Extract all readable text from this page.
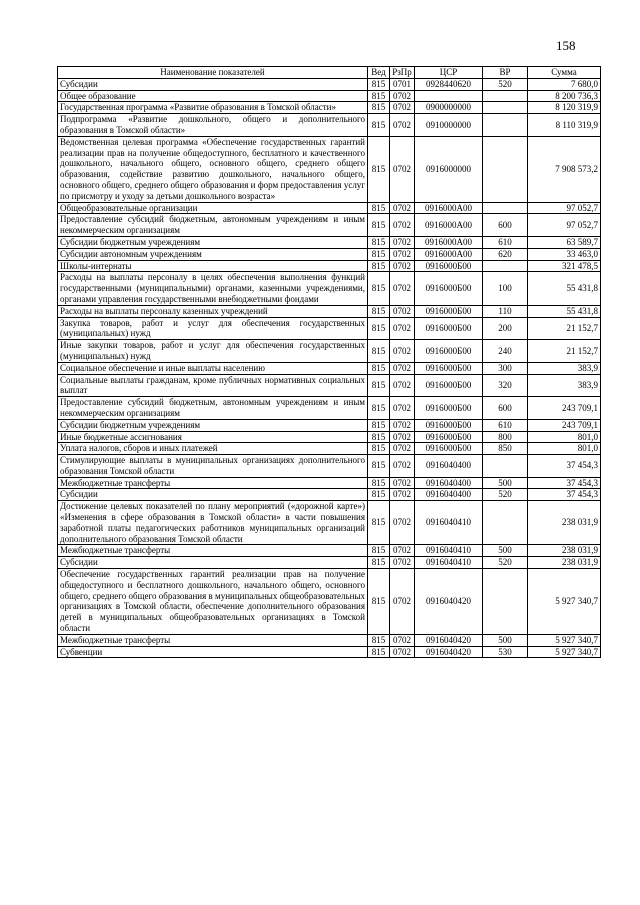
158
Наименование показателей	Вед	РзПр	ЦСР	ВР	Сумма
Субсидии	815	0701	0928440620	520	7 680,0
Общее образование	815	0702			8 200 736,3
Государственная программа «Развитие образования в Томской области»	815	0702	0900000000		8 120 319,9
Подпрограмма «Развитие дошкольного, общего и дополнительного образования в Томской области»	815	0702	0910000000		8 110 319,9
Ведомственная целевая программа «Обеспечение государственных гарантий реализации прав на получение общедоступного, бесплатного и качественного дошкольного, начального общего, основного общего, среднего общего образования, содействие развитию дошкольного, начального общего, основного общего, среднего общего образования и форм предоставления услуг по присмотру и уходу за детьми дошкольного возраста»	815	0702	0916000000		7 908 573,2
Общеобразовательные организации	815	0702	0916000А00		97 052,7
Предоставление субсидий бюджетным, автономным учреждениям и иным некоммерческим организациям	815	0702	0916000А00	600	97 052,7
Субсидии бюджетным учреждениям	815	0702	0916000А00	610	63 589,7
Субсидии автономным учреждениям	815	0702	0916000А00	620	33 463,0
Школы-интернаты	815	0702	0916000Б00		321 478,5
Расходы на выплаты персоналу в целях обеспечения выполнения функций государственными (муниципальными) органами, казенными учреждениями, органами управления государственными внебюджетными фондами	815	0702	0916000Б00	100	55 431,8
Расходы на выплаты персоналу казенных учреждений	815	0702	0916000Б00	110	55 431,8
Закупка товаров, работ и услуг для обеспечения государственных (муниципальных) нужд	815	0702	0916000Б00	200	21 152,7
Иные закупки товаров, работ и услуг для обеспечения государственных (муниципальных) нужд	815	0702	0916000Б00	240	21 152,7
Социальное обеспечение и иные выплаты населению	815	0702	0916000Б00	300	383,9
Социальные выплаты гражданам, кроме публичных нормативных социальных выплат	815	0702	0916000Б00	320	383,9
Предоставление субсидий бюджетным, автономным учреждениям и иным некоммерческим организациям	815	0702	0916000Б00	600	243 709,1
Субсидии бюджетным учреждениям	815	0702	0916000Б00	610	243 709,1
Иные бюджетные ассигнования	815	0702	0916000Б00	800	801,0
Уплата налогов, сборов и иных платежей	815	0702	0916000Б00	850	801,0
Стимулирующие выплаты в муниципальных организациях дополнительного образования Томской области	815	0702	0916040400		37 454,3
Межбюджетные трансферты	815	0702	0916040400	500	37 454,3
Субсидии	815	0702	0916040400	520	37 454,3
Достижение целевых показателей по плану мероприятий («дорожной карте») «Изменения в сфере образования в Томской области» в части повышения заработной платы педагогических работников муниципальных организаций дополнительного образования Томской области	815	0702	0916040410		238 031,9
Межбюджетные трансферты	815	0702	0916040410	500	238 031,9
Субсидии	815	0702	0916040410	520	238 031,9
Обеспечение государственных гарантий реализации прав на получение общедоступного и бесплатного дошкольного, начального общего, основного общего, среднего общего образования в муниципальных общеобразовательных организациях в Томской области, обеспечение дополнительного образования детей в муниципальных общеобразовательных организациях в Томской области	815	0702	0916040420		5 927 340,7
Межбюджетные трансферты	815	0702	0916040420	500	5 927 340,7
Субвенции	815	0702	0916040420	530	5 927 340,7
